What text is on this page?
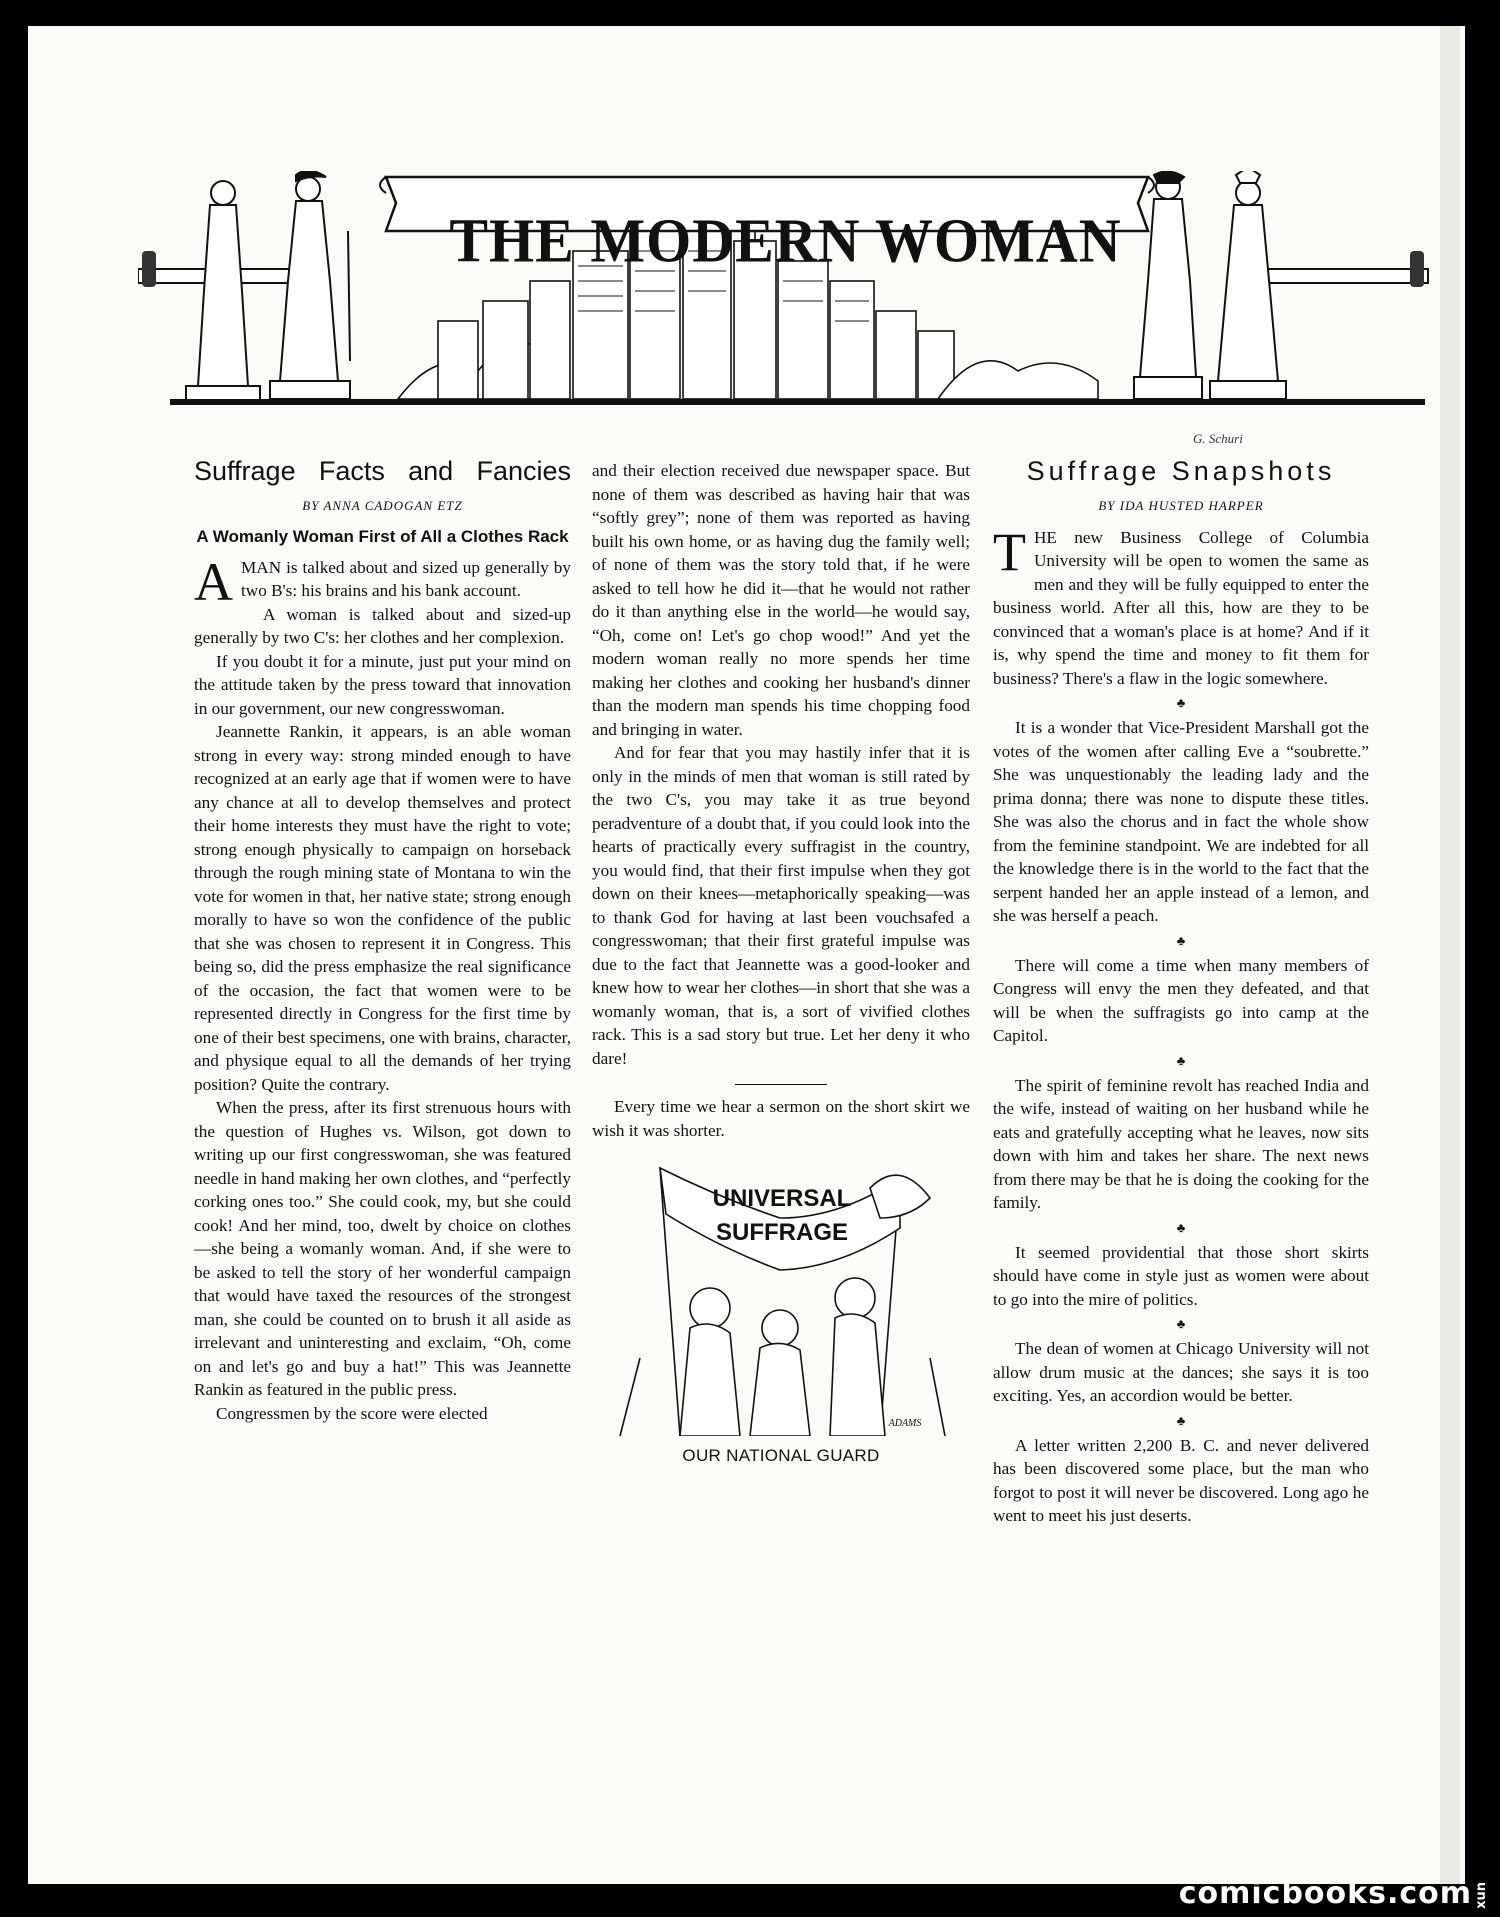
THE MODERN WOMAN
G. Schuri
Suffrage Facts and Fancies
BY ANNA CADOGAN ETZ
A Womanly Woman First of All a Clothes Rack

AMAN is talked about and sized up generally by two B's: his brains and his bank account.

A woman is talked about and sized-up generally by two C's: her clothes and her complexion.

If you doubt it for a minute, just put your mind on the attitude taken by the press toward that innovation in our government, our new congresswoman.

Jeannette Rankin, it appears, is an able woman strong in every way: strong minded enough to have recognized at an early age that if women were to have any chance at all to develop themselves and protect their home interests they must have the right to vote; strong enough physically to campaign on horseback through the rough mining state of Montana to win the vote for women in that, her native state; strong enough morally to have so won the confidence of the public that she was chosen to represent it in Congress. This being so, did the press emphasize the real significance of the occasion, the fact that women were to be represented directly in Congress for the first time by one of their best specimens, one with brains, character, and physique equal to all the demands of her trying position? Quite the contrary.

When the press, after its first strenuous hours with the question of Hughes vs. Wilson, got down to writing up our first congresswoman, she was featured needle in hand making her own clothes, and “perfectly corking ones too.” She could cook, my, but she could cook! And her mind, too, dwelt by choice on clothes—she being a womanly woman. And, if she were to be asked to tell the story of her wonderful campaign that would have taxed the resources of the strongest man, she could be counted on to brush it all aside as irrelevant and uninteresting and exclaim, “Oh, come on and let's go and buy a hat!” This was Jeannette Rankin as featured in the public press.

Congressmen by the score were elected

and their election received due newspaper space. But none of them was described as having hair that was “softly grey”; none of them was reported as having built his own home, or as having dug the family well; of none of them was the story told that, if he were asked to tell how he did it—that he would not rather do it than anything else in the world—he would say, “Oh, come on! Let's go chop wood!” And yet the modern woman really no more spends her time making her clothes and cooking her husband's dinner than the modern man spends his time chopping food and bringing in water.

And for fear that you may hastily infer that it is only in the minds of men that woman is still rated by the two C's, you may take it as true beyond peradventure of a doubt that, if you could look into the hearts of practically every suffragist in the country, you would find, that their first impulse when they got down on their knees—metaphorically speaking—was to thank God for having at last been vouchsafed a congresswoman; that their first grateful impulse was due to the fact that Jeannette was a good-looker and knew how to wear her clothes—in short that she was a womanly woman, that is, a sort of vivified clothes rack. This is a sad story but true. Let her deny it who dare!

Every time we hear a sermon on the short skirt we wish it was shorter.

UNIVERSAL
SUFFRAGE
ADAMS
OUR NATIONAL GUARD
Suffrage Snapshots
BY IDA HUSTED HARPER

THE new Business College of Columbia University will be open to women the same as men and they will be fully equipped to enter the business world. After all this, how are they to be convinced that a woman's place is at home? And if it is, why spend the time and money to fit them for business? There's a flaw in the logic somewhere.

♣

It is a wonder that Vice-President Marshall got the votes of the women after calling Eve a “soubrette.” She was unquestionably the leading lady and the prima donna; there was none to dispute these titles. She was also the chorus and in fact the whole show from the feminine standpoint. We are indebted for all the knowledge there is in the world to the fact that the serpent handed her an apple instead of a lemon, and she was herself a peach.

♣

There will come a time when many members of Congress will envy the men they defeated, and that will be when the suffragists go into camp at the Capitol.

♣

The spirit of feminine revolt has reached India and the wife, instead of waiting on her husband while he eats and gratefully accepting what he leaves, now sits down with him and takes her share. The next news from there may be that he is doing the cooking for the family.

♣

It seemed providential that those short skirts should have come in style just as women were about to go into the mire of politics.

♣

The dean of women at Chicago University will not allow drum music at the dances; she says it is too exciting. Yes, an accordion would be better.

♣

A letter written 2,200 B. C. and never delivered has been discovered some place, but the man who forgot to post it will never be discovered. Long ago he went to meet his just deserts.

comicbooks.com xun
